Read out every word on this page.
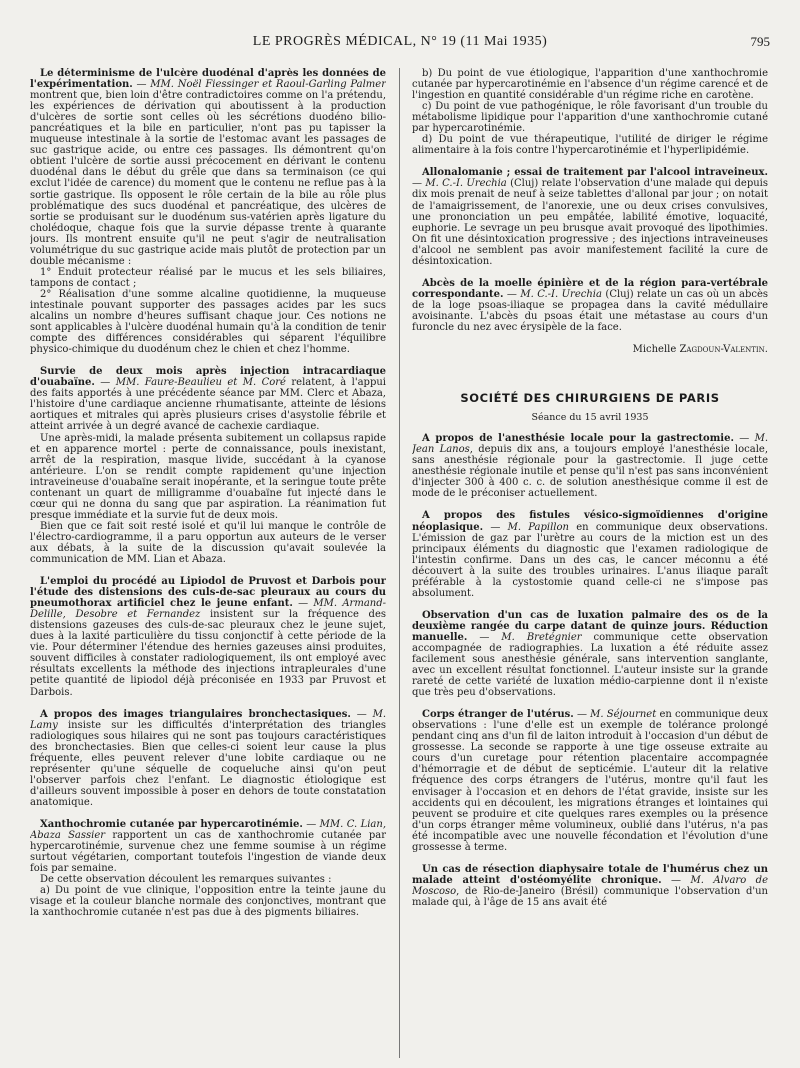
LE PROGRÈS MÉDICAL, N° 19 (11 Mai 1935)	795

Le déterminisme de l'ulcère duodénal d'après les données de l'expérimentation. — MM. Noël Fiessinger et Raoul-Garling Palmer montrent que, bien loin d'être contradictoires comme on l'a prétendu, les expériences de dérivation qui aboutissent à la production d'ulcères de sortie sont celles où les sécrétions duodéno bilio-pancréatiques et la bile en particulier, n'ont pas pu tapisser la muqueuse intestinale à la sortie de l'estomac avant les passages de suc gastrique acide, ou entre ces passages. Ils démontrent qu'on obtient l'ulcère de sortie aussi précocement en dérivant le contenu duodénal dans le début du grêle que dans sa terminaison (ce qui exclut l'idée de carence) du moment que le contenu ne reflue pas à la sortie gastrique. Ils opposent le rôle certain de la bile au rôle plus problématique des sucs duodénal et pancréatique, des ulcères de sortie se produisant sur le duodénum sus-vatérien après ligature du cholédoque, chaque fois que la survie dépasse trente à quarante jours. Ils montrent ensuite qu'il ne peut s'agir de neutralisation volumétrique du suc gastrique acide mais plutôt de protection par un double mécanisme :

1° Enduit protecteur réalisé par le mucus et les sels biliaires, tampons de contact ;

2° Réalisation d'une somme alcaline quotidienne, la muqueuse intestinale pouvant supporter des passages acides par les sucs alcalins un nombre d'heures suffisant chaque jour. Ces notions ne sont applicables à l'ulcère duodénal humain qu'à la condition de tenir compte des différences considérables qui séparent l'équilibre physico-chimique du duodénum chez le chien et chez l'homme.

Survie de deux mois après injection intracardiaque d'ouabaïne. — MM. Faure-Beaulieu et M. Coré relatent, à l'appui des faits apportés à une précédente séance par MM. Clerc et Abaza, l'histoire d'une cardiaque ancienne rhumatisante, atteinte de lésions aortiques et mitrales qui après plusieurs crises d'asystolie fébrile et atteint arrivée à un degré avancé de cachexie cardiaque.

Une après-midi, la malade présenta subitement un collapsus rapide et en apparence mortel : perte de connaissance, pouls inexistant, arrêt de la respiration, masque livide, succédant à la cyanose antérieure. L'on se rendit compte rapidement qu'une injection intraveineuse d'ouabaïne serait inopérante, et la seringue toute prête contenant un quart de milligramme d'ouabaïne fut injecté dans le cœur qui ne donna du sang que par aspiration. La réanimation fut presque immédiate et la survie fut de deux mois.

Bien que ce fait soit resté isolé et qu'il lui manque le contrôle de l'électro-cardiogramme, il a paru opportun aux auteurs de le verser aux débats, à la suite de la discussion qu'avait soulevée la communication de MM. Lian et Abaza.

L'emploi du procédé au Lipiodol de Pruvost et Darbois pour l'étude des distensions des culs-de-sac pleuraux au cours du pneumothorax artificiel chez le jeune enfant. — MM. Armand-Delille, Desobre et Fernandez insistent sur la fréquence des distensions gazeuses des culs-de-sac pleuraux chez le jeune sujet, dues à la laxité particulière du tissu conjonctif à cette période de la vie. Pour déterminer l'étendue des hernies gazeuses ainsi produites, souvent difficiles à constater radiologiquement, ils ont employé avec résultats excellents la méthode des injections intrapleurales d'une petite quantité de lipiodol déjà préconisée en 1933 par Pruvost et Darbois.

A propos des images triangulaires bronchectasiques. — M. Lamy insiste sur les difficultés d'interprétation des triangles radiologiques sous hilaires qui ne sont pas toujours caractéristiques des bronchectasies. Bien que celles-ci soient leur cause la plus fréquente, elles peuvent relever d'une lobite cardiaque ou ne représenter qu'une séquelle de coqueluche ainsi qu'on peut l'observer parfois chez l'enfant. Le diagnostic étiologique est d'ailleurs souvent impossible à poser en dehors de toute constatation anatomique.

Xanthochromie cutanée par hypercarotinémie. — MM. C. Lian, Abaza Sassier rapportent un cas de xanthochromie cutanée par hypercarotinémie, survenue chez une femme soumise à un régime surtout végétarien, comportant toutefois l'ingestion de viande deux fois par semaine.

De cette observation découlent les remarques suivantes :

a) Du point de vue clinique, l'opposition entre la teinte jaune du visage et la couleur blanche normale des conjonctives, montrant que la xanthochromie cutanée n'est pas due à des pigments biliaires.

b) Du point de vue étiologique, l'apparition d'une xanthochromie cutanée par hypercarotinémie en l'absence d'un régime carencé et de l'ingestion en quantité considérable d'un régime riche en carotène.

c) Du point de vue pathogénique, le rôle favorisant d'un trouble du métabolisme lipidique pour l'apparition d'une xanthochromie cutané par hypercarotinémie.

d) Du point de vue thérapeutique, l'utilité de diriger le régime alimentaire à la fois contre l'hypercarotinémie et l'hyperlipidémie.

Allonalomanie ; essai de traitement par l'alcool intraveineux. — M. C.-I. Urechia (Cluj) relate l'observation d'une malade qui depuis dix mois prenait de neuf à seize tablettes d'allonal par jour ; on notait de l'amaigrissement, de l'anorexie, une ou deux crises convulsives, une prononciation un peu empâtée, labilité émotive, loquacité, euphorie. Le sevrage un peu brusque avait provoqué des lipothimies. On fit une désintoxication progressive ; des injections intraveineuses d'alcool ne semblent pas avoir manifestement facilité la cure de désintoxication.

Abcès de la moelle épinière et de la région para-vertébrale correspondante. — M. C.-I. Urechia (Cluj) relate un cas où un abcès de la loge psoas-iliaque se propagea dans la cavité médullaire avoisinante. L'abcès du psoas était une métastase au cours d'un furoncle du nez avec érysipèle de la face.

Michelle Zagdoun-Valentin.

SOCIÉTÉ DES CHIRURGIENS DE PARIS
Séance du 15 avril 1935

A propos de l'anesthésie locale pour la gastrectomie. — M. Jean Lanos, depuis dix ans, a toujours employé l'anesthésie locale, sans anesthésie régionale pour la gastrectomie. Il juge cette anesthésie régionale inutile et pense qu'il n'est pas sans inconvénient d'injecter 300 à 400 c. c. de solution anesthésique comme il est de mode de le préconiser actuellement.

A propos des fistules vésico-sigmoïdiennes d'origine néoplasique. — M. Papillon en communique deux observations. L'émission de gaz par l'urètre au cours de la miction est un des principaux éléments du diagnostic que l'examen radiologique de l'intestin confirme. Dans un des cas, le cancer méconnu a été découvert à la suite des troubles urinaires. L'anus iliaque paraît préférable à la cystostomie quand celle-ci ne s'impose pas absolument.

Observation d'un cas de luxation palmaire des os de la deuxième rangée du carpe datant de quinze jours. Réduction manuelle. — M. Bretégnier communique cette observation accompagnée de radiographies. La luxation a été réduite assez facilement sous anesthésie générale, sans intervention sanglante, avec un excellent résultat fonctionnel. L'auteur insiste sur la grande rareté de cette variété de luxation médio-carpienne dont il n'existe que très peu d'observations.

Corps étranger de l'utérus. — M. Séjournet en communique deux observations : l'une d'elle est un exemple de tolérance prolongé pendant cinq ans d'un fil de laiton introduit à l'occasion d'un début de grossesse. La seconde se rapporte à une tige osseuse extraite au cours d'un curetage pour rétention placentaire accompagnée d'hémorragie et de début de septicémie. L'auteur dit la relative fréquence des corps étrangers de l'utérus, montre qu'il faut les envisager à l'occasion et en dehors de l'état gravide, insiste sur les accidents qui en découlent, les migrations étranges et lointaines qui peuvent se produire et cite quelques rares exemples ou la présence d'un corps étranger même volumineux, oublié dans l'utérus, n'a pas été incompatible avec une nouvelle fécondation et l'évolution d'une grossesse à terme.

Un cas de résection diaphysaire totale de l'humérus chez un malade atteint d'ostéomyélite chronique. — M. Alvaro de Moscoso, de Rio-de-Janeiro (Brésil) communique l'observation d'un malade qui, à l'âge de 15 ans avait été
